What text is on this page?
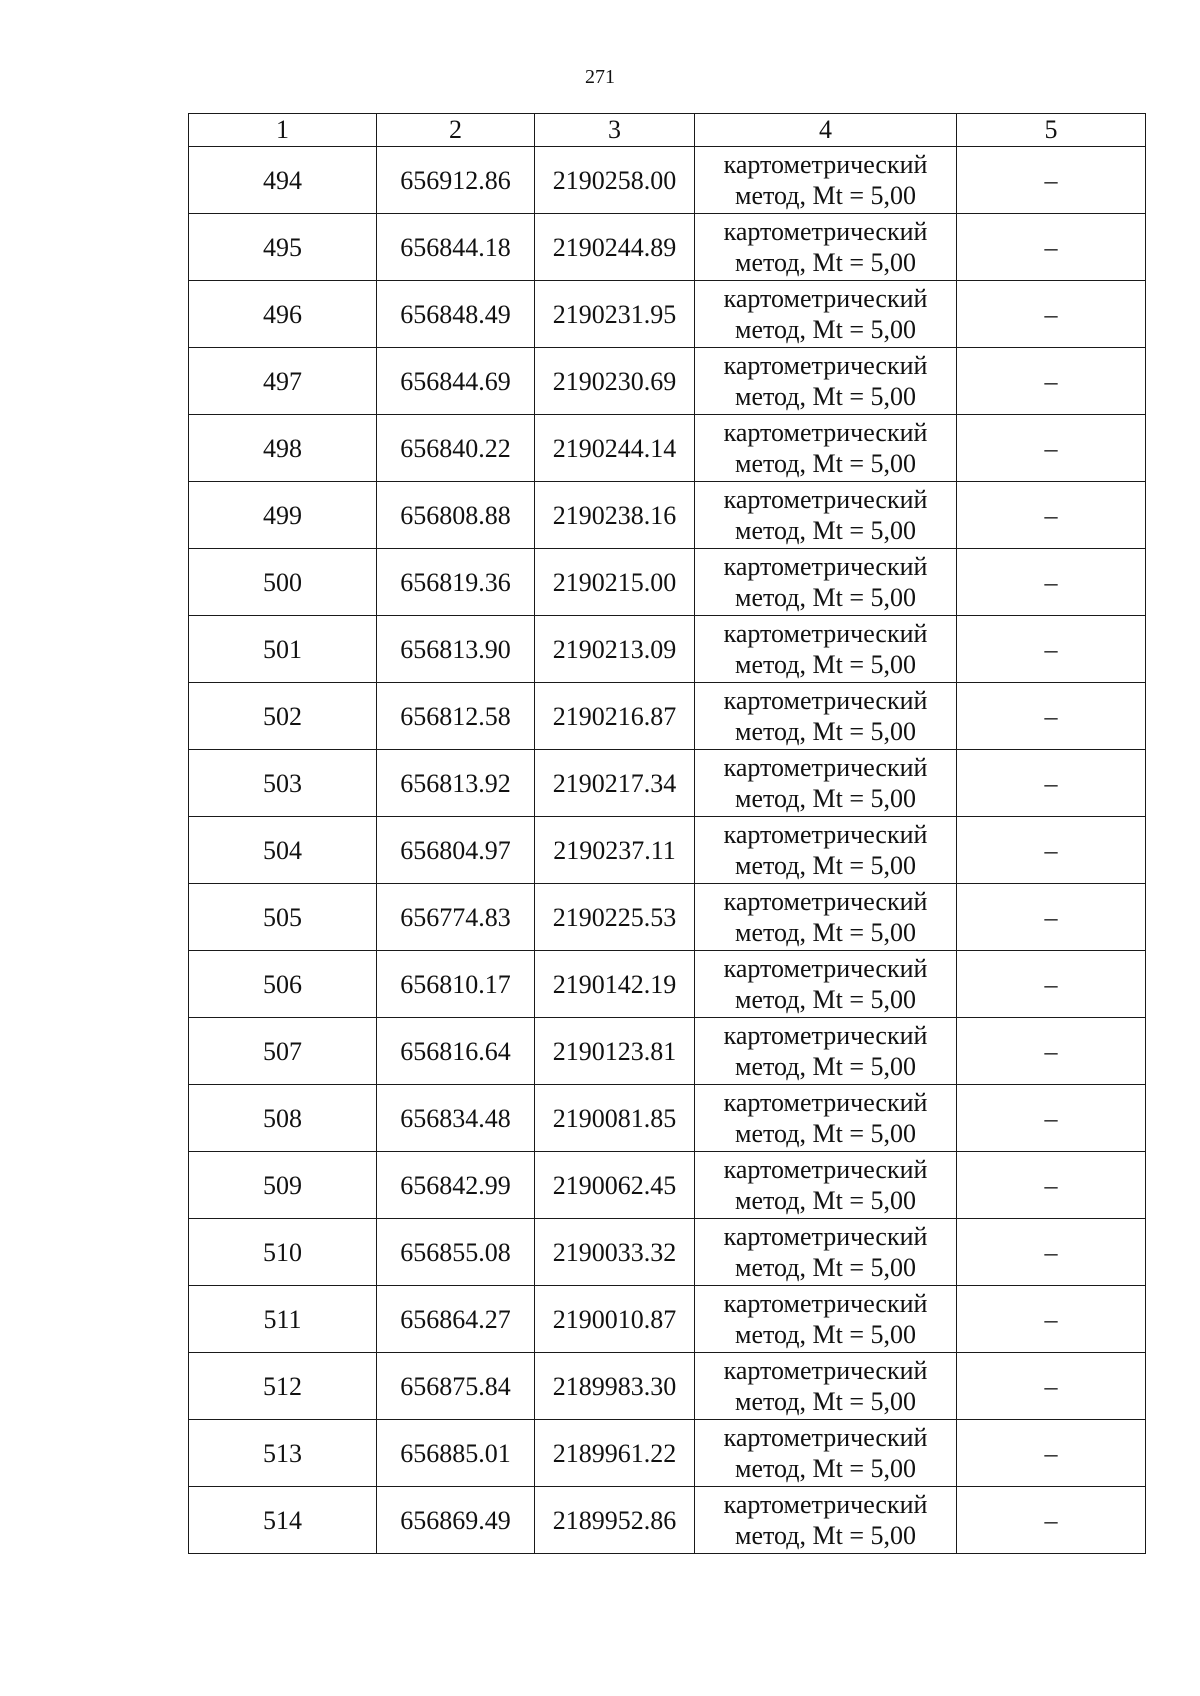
271
1	2	3	4	5
494	656912.86	2190258.00	картометрический
метод, Mt = 5,00	–
495	656844.18	2190244.89	картометрический
метод, Mt = 5,00	–
496	656848.49	2190231.95	картометрический
метод, Mt = 5,00	–
497	656844.69	2190230.69	картометрический
метод, Mt = 5,00	–
498	656840.22	2190244.14	картометрический
метод, Mt = 5,00	–
499	656808.88	2190238.16	картометрический
метод, Mt = 5,00	–
500	656819.36	2190215.00	картометрический
метод, Mt = 5,00	–
501	656813.90	2190213.09	картометрический
метод, Mt = 5,00	–
502	656812.58	2190216.87	картометрический
метод, Mt = 5,00	–
503	656813.92	2190217.34	картометрический
метод, Mt = 5,00	–
504	656804.97	2190237.11	картометрический
метод, Mt = 5,00	–
505	656774.83	2190225.53	картометрический
метод, Mt = 5,00	–
506	656810.17	2190142.19	картометрический
метод, Mt = 5,00	–
507	656816.64	2190123.81	картометрический
метод, Mt = 5,00	–
508	656834.48	2190081.85	картометрический
метод, Mt = 5,00	–
509	656842.99	2190062.45	картометрический
метод, Mt = 5,00	–
510	656855.08	2190033.32	картометрический
метод, Mt = 5,00	–
511	656864.27	2190010.87	картометрический
метод, Mt = 5,00	–
512	656875.84	2189983.30	картометрический
метод, Mt = 5,00	–
513	656885.01	2189961.22	картометрический
метод, Mt = 5,00	–
514	656869.49	2189952.86	картометрический
метод, Mt = 5,00	–
